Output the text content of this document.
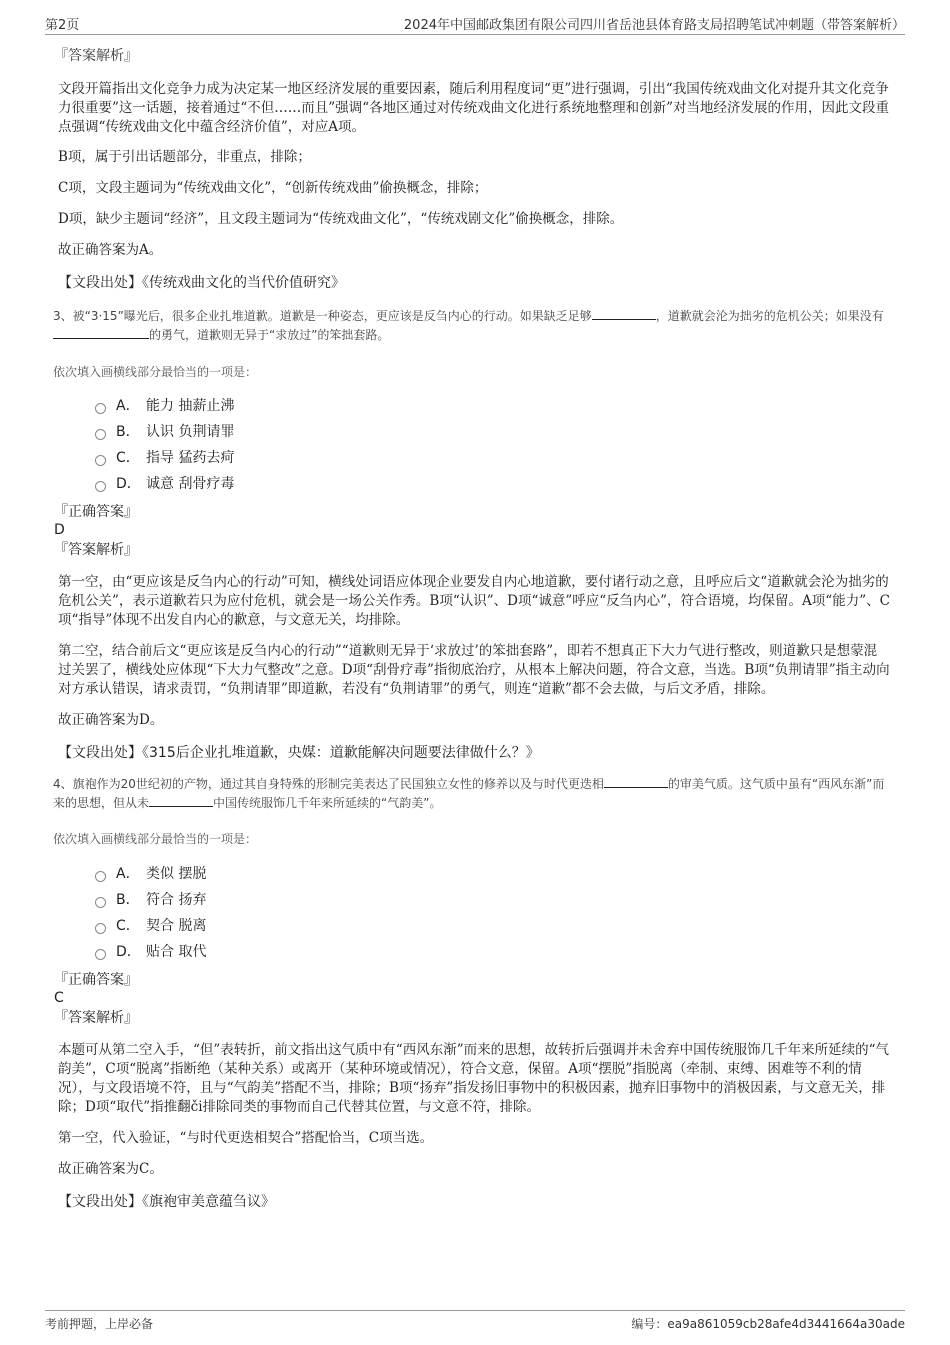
第2页	2024年中国邮政集团有限公司四川省岳池县体育路支局招聘笔试冲刺题（带答案解析）
『答案解析』

文段开篇指出文化竞争力成为决定某一地区经济发展的重要因素，随后利用程度词“更”进行强调，引出“我国传统戏曲文化对提升其文化竞争力很重要”这一话题，接着通过“不但……而且”强调“各地区通过对传统戏曲文化进行系统地整理和创新”对当地经济发展的作用，因此文段重点强调“传统戏曲文化中蕴含经济价值”，对应A项。

B项，属于引出话题部分，非重点，排除；

C项，文段主题词为“传统戏曲文化”，“创新传统戏曲”偷换概念，排除；

D项，缺少主题词“经济”，且文段主题词为“传统戏曲文化”，“传统戏剧文化”偷换概念，排除。

故正确答案为A。

【文段出处】《传统戏曲文化的当代价值研究》
3、被“3·15”曝光后，很多企业扎堆道歉。道歉是一种姿态，更应该是反刍内心的行动。如果缺乏足够	，道歉就会沦为拙劣的危机公关；如果没有的勇气，道歉则无异于“求放过”的笨拙套路。
依次填入画横线部分最恰当的一项是：
A． 能力 抽薪止沸
B． 认识 负荆请罪
C． 指导 猛药去疴
D． 诚意 刮骨疗毒
『正确答案』
D
『答案解析』

第一空，由“更应该是反刍内心的行动”可知，横线处词语应体现企业要发自内心地道歉，要付诸行动之意，且呼应后文“道歉就会沦为拙劣的危机公关”，表示道歉若只为应付危机，就会是一场公关作秀。B项“认识”、D项“诚意”呼应“反刍内心”，符合语境，均保留。A项“能力”、C项“指导”体现不出发自内心的歉意，与文意无关，均排除。

第二空，结合前后文“更应该是反刍内心的行动”“道歉则无异于‘求放过’的笨拙套路”，即若不想真正下大力气进行整改，则道歉只是想蒙混过关罢了，横线处应体现“下大力气整改”之意。D项“刮骨疗毒”指彻底治疗，从根本上解决问题，符合文意，当选。B项“负荆请罪”指主动向对方承认错误，请求责罚，“负荆请罪”即道歉，若没有“负荆请罪”的勇气，则连“道歉”都不会去做，与后文矛盾，排除。

故正确答案为D。

【文段出处】《315后企业扎堆道歉，央媒：道歉能解决问题要法律做什么？》
4、旗袍作为20世纪初的产物，通过其自身特殊的形制完美表达了民国独立女性的修养以及与时代更迭相	的审美气质。这气质中虽有“西风东渐”而来的思想，但从未	中国传统服饰几千年来所延续的“气韵美”。
依次填入画横线部分最恰当的一项是：
A． 类似 摆脱
B． 符合 扬弃
C． 契合 脱离
D． 贴合 取代
『正确答案』
C
『答案解析』

本题可从第二空入手，“但”表转折，前文指出这气质中有“西风东渐”而来的思想，故转折后强调并未舍弃中国传统服饰几千年来所延续的“气韵美”，C项“脱离”指断绝（某种关系）或离开（某种环境或情况），符合文意，保留。A项“摆脱”指脱离（牵制、束缚、困难等不利的情况），与文段语境不符，且与“气韵美”搭配不当，排除；B项“扬弃”指发扬旧事物中的积极因素，抛弃旧事物中的消极因素，与文意无关，排除；D项“取代”指推翻či排除同类的事物而自己代替其位置，与文意不符，排除。

第一空，代入验证，“与时代更迭相契合”搭配恰当，C项当选。

故正确答案为C。

【文段出处】《旗袍审美意蕴刍议》
考前押题，上岸必备	编号：ea9a861059cb28afe4d3441664a30ade
